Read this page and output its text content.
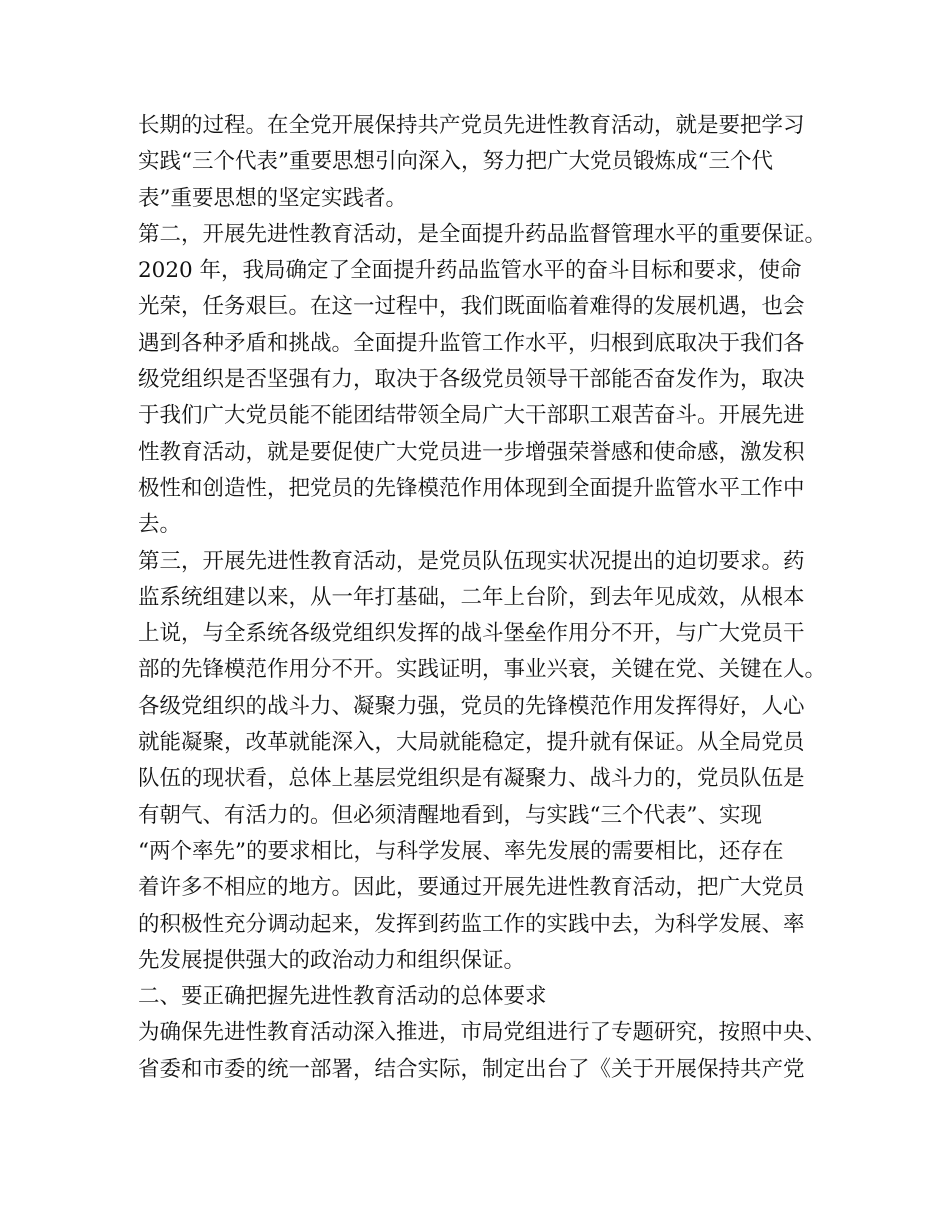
长期的过程。在全党开展保持共产党员先进性教育活动，就是要把学习
实践“三个代表”重要思想引向深入，努力把广大党员锻炼成“三个代
表”重要思想的坚定实践者。
第二，开展先进性教育活动，是全面提升药品监督管理水平的重要保证。
2020 年，我局确定了全面提升药品监管水平的奋斗目标和要求，使命
光荣，任务艰巨。在这一过程中，我们既面临着难得的发展机遇，也会
遇到各种矛盾和挑战。全面提升监管工作水平，归根到底取决于我们各
级党组织是否坚强有力，取决于各级党员领导干部能否奋发作为，取决
于我们广大党员能不能团结带领全局广大干部职工艰苦奋斗。开展先进
性教育活动，就是要促使广大党员进一步增强荣誉感和使命感，激发积
极性和创造性，把党员的先锋模范作用体现到全面提升监管水平工作中
去。
第三，开展先进性教育活动，是党员队伍现实状况提出的迫切要求。药
监系统组建以来，从一年打基础，二年上台阶，到去年见成效，从根本
上说，与全系统各级党组织发挥的战斗堡垒作用分不开，与广大党员干
部的先锋模范作用分不开。实践证明，事业兴衰，关键在党、关键在人。
各级党组织的战斗力、凝聚力强，党员的先锋模范作用发挥得好，人心
就能凝聚，改革就能深入，大局就能稳定，提升就有保证。从全局党员
队伍的现状看，总体上基层党组织是有凝聚力、战斗力的，党员队伍是
有朝气、有活力的。但必须清醒地看到，与实践“三个代表”、实现
“两个率先”的要求相比，与科学发展、率先发展的需要相比，还存在
着许多不相应的地方。因此，要通过开展先进性教育活动，把广大党员
的积极性充分调动起来，发挥到药监工作的实践中去，为科学发展、率
先发展提供强大的政治动力和组织保证。
二、要正确把握先进性教育活动的总体要求
为确保先进性教育活动深入推进，市局党组进行了专题研究，按照中央、
省委和市委的统一部署，结合实际，制定出台了《关于开展保持共产党
